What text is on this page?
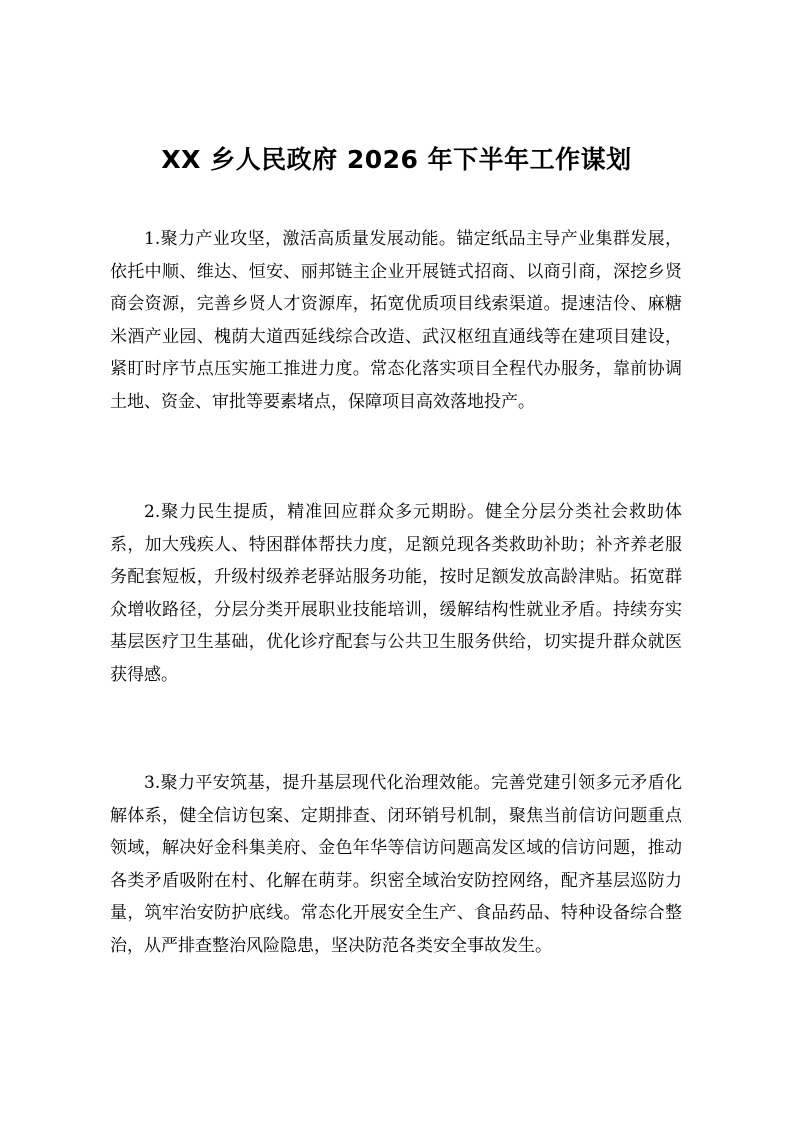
XX 乡人民政府 2026 年下半年工作谋划

1.聚力产业攻坚，激活高质量发展动能。锚定纸品主导产业集群发展，依托中顺、维达、恒安、丽邦链主企业开展链式招商、以商引商，深挖乡贤商会资源，完善乡贤人才资源库，拓宽优质项目线索渠道。提速洁伶、麻糖米酒产业园、槐荫大道西延线综合改造、武汉枢纽直通线等在建项目建设，紧盯时序节点压实施工推进力度。常态化落实项目全程代办服务，靠前协调土地、资金、审批等要素堵点，保障项目高效落地投产。

2.聚力民生提质，精准回应群众多元期盼。健全分层分类社会救助体系，加大残疾人、特困群体帮扶力度，足额兑现各类救助补助；补齐养老服务配套短板，升级村级养老驿站服务功能，按时足额发放高龄津贴。拓宽群众增收路径，分层分类开展职业技能培训，缓解结构性就业矛盾。持续夯实基层医疗卫生基础，优化诊疗配套与公共卫生服务供给，切实提升群众就医获得感。

3.聚力平安筑基，提升基层现代化治理效能。完善党建引领多元矛盾化解体系，健全信访包案、定期排查、闭环销号机制，聚焦当前信访问题重点领域，解决好金科集美府、金色年华等信访问题高发区域的信访问题，推动各类矛盾吸附在村、化解在萌芽。织密全域治安防控网络，配齐基层巡防力量，筑牢治安防护底线。常态化开展安全生产、食品药品、特种设备综合整治，从严排查整治风险隐患，坚决防范各类安全事故发生。
